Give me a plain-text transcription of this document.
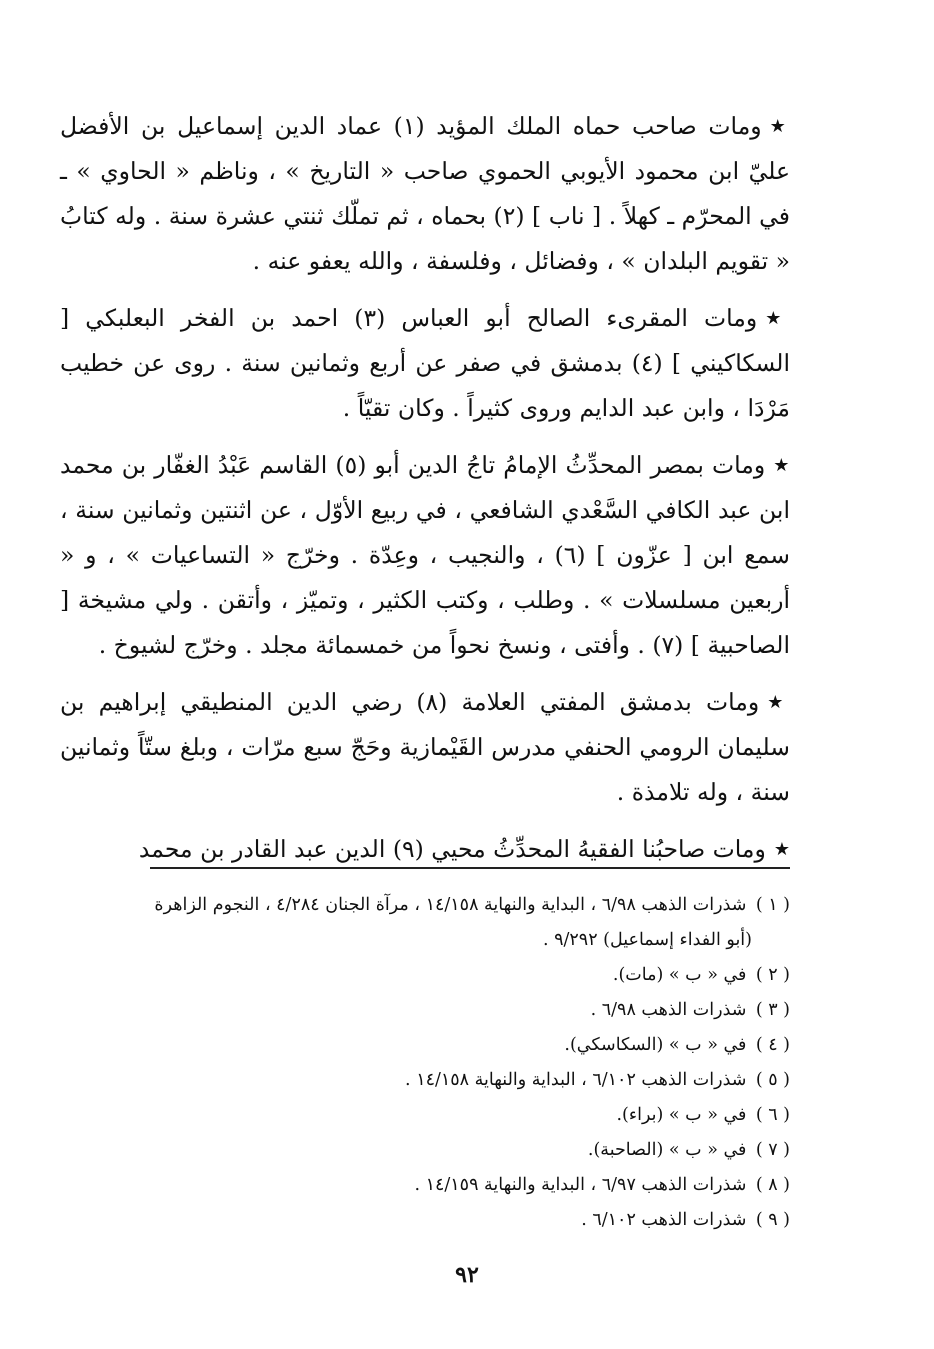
★ومات صاحب حماه الملك المؤيد (١) عماد الدين إسماعيل بن الأفضل عليّ ابن محمود الأيوبي الحموي صاحب « التاريخ » ، وناظم « الحاوي » ـ في المحرّم ـ كهلاً . [ ناب ] (٢) بحماه ، ثم تملّك ثنتي عشرة سنة . وله كتابُ « تقويم البلدان » ، وفضائل ، وفلسفة ، والله يعفو عنه .

★ومات المقرىء الصالح أبو العباس (٣) احمد بن الفخر البعلبكي [ السكاكيني ] (٤) بدمشق في صفر عن أربع وثمانين سنة . روى عن خطيب مَرْدَا ، وابن عبد الدايم وروى كثيراً . وكان تقيّاً .

★ومات بمصر المحدِّثُ الإمامُ تاجُ الدين أبو (٥) القاسم عَبْدُ الغفّار بن محمد ابن عبد الكافي السَّعْدي الشافعي ، في ربيع الأوّل ، عن اثنتين وثمانين سنة ، سمع ابن [ عزّون ] (٦) ، والنجيب ، وعِدّة . وخرّج « التساعيات » ، و « أربعين مسلسلات » . وطلب ، وكتب الكثير ، وتميّز ، وأتقن . ولي مشيخة [ الصاحبية ] (٧) . وأفتى ، ونسخ نحواً من خمسمائة مجلد . وخرّج لشيوخ .

★ومات بدمشق المفتي العلامة (٨) رضي الدين المنطيقي إبراهيم بن سليمان الرومي الحنفي مدرس القَيْمازية وحَجّ سبع مرّات ، وبلغ ستّاً وثمانين سنة ، وله تلامذة .

★ومات صاحبُنا الفقيهُ المحدِّثُ محيي (٩) الدين عبد القادر بن محمد

( ١ ) شذرات الذهب ٦/٩٨ ، البداية والنهاية ١٤/١٥٨ ، مرآة الجنان ٤/٢٨٤ ، النجوم الزاهرة

(أبو الفداء إسماعيل) ٩/٢٩٢ .

( ٢ ) في « ب » (مات).

( ٣ ) شذرات الذهب ٦/٩٨ .

( ٤ ) في « ب » (السكاسكي).

( ٥ ) شذرات الذهب ٦/١٠٢ ، البداية والنهاية ١٤/١٥٨ .

( ٦ ) في « ب » (براء).

( ٧ ) في « ب » (الصاحبة).

( ٨ ) شذرات الذهب ٦/٩٧ ، البداية والنهاية ١٤/١٥٩ .

( ٩ ) شذرات الذهب ٦/١٠٢ .

٩٢
